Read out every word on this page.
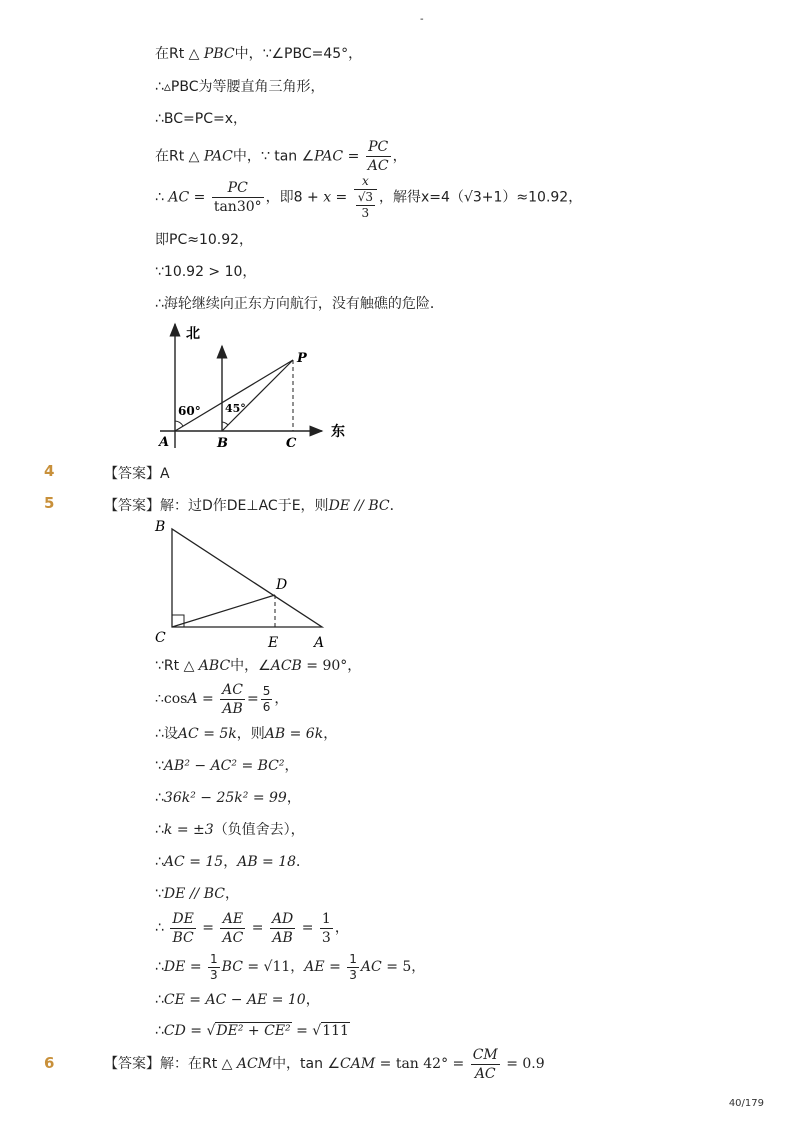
-
在Rt △ PBC中，∵∠PBC=45°，
∴▵PBC为等腰直角三角形，
∴BC=PC=x，
在Rt △ PAC中，∵ tan ∠PAC = $\frac{PC}{AC}$ ，
∴ AC = $\frac{PC}{\tan 30^\circ}$ ，即$8 + x = \frac{x}{\frac{√3}{3}}$ ，解得x=4（√3+1）≈10.92，
即PC≈10.92，
∵10.92 > 10，
∴海轮继续向正东方向航行，没有触礁的危险．
北
东
P
A	B	C
60° 45°
4	【答案】A
5	【答案】解：过D作DE⊥AC于E，则DE // BC．
B
C
D
E	A
∵Rt △ ABC中，∠ACB = 90°，
∴cosA = $\frac{AC}{AB} = \frac{5}{6}$ ，
∴设AC = 5k，则AB = 6k，
∵AB² − AC² = BC²，
∴36k² − 25k² = 99，
∴k = ±3（负值舍去），
∴AC = 15，AB = 18．
∵DE // BC，
∴ $\frac{DE}{BC} = \frac{AE}{AC} = \frac{AD}{AB} = \frac{1}{3}$ ，
∴DE = $\frac{1}{3}$ BC = √11，AE = $\frac{1}{3}$ AC = 5，
∴CE = AC − AE = 10，
∴CD = √DE² + CE² = √111
6	【答案】解：在Rt △ ACM中，tan ∠CAM = $\tan 42^\circ = \frac{CM}{AC} = 0.9$
40/179
